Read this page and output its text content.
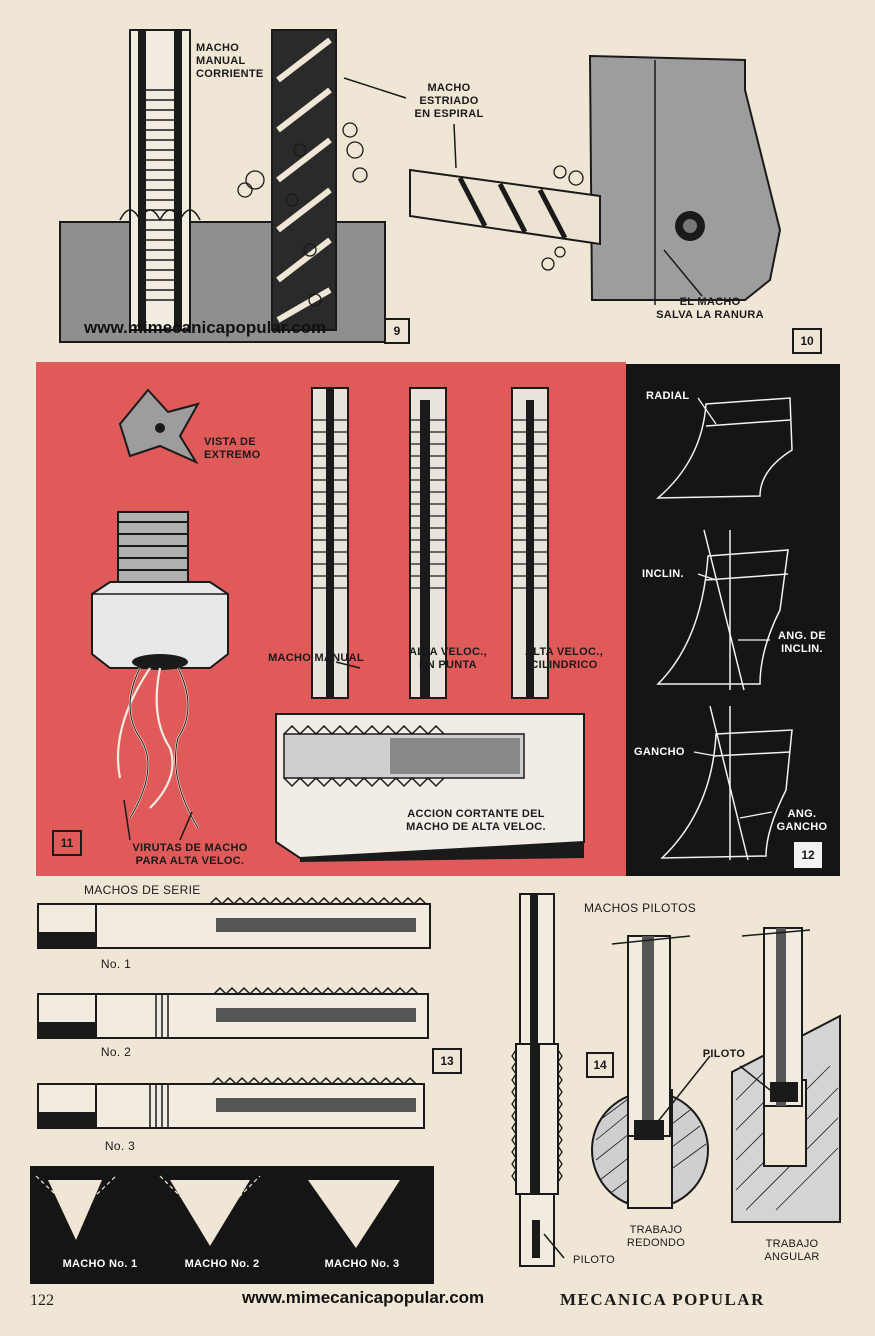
MACHO
MANUAL
CORRIENTE
MACHO
ESTRIADO
EN ESPIRAL
www.mimecanicapopular.com	9
EL MACHO
SALVA LA RANURA
10
VISTA DE
EXTREMO
MACHO MANUAL	ALTA VELOC.,
EN PUNTA
ALTA VELOC.,
CILINDRICO
ACCION CORTANTE DEL
MACHO DE ALTA VELOC.
VIRUTAS DE MACHO
PARA ALTA VELOC.
11
RADIAL
INCLIN.
ANG. DE
INCLIN.
GANCHO
ANG.
GANCHO
12
MACHOS DE SERIE
No. 1
No. 2
No. 3
13
MACHO No. 1	MACHO No. 2	MACHO No. 3
MACHOS PILOTOS
14
PILOTO
PILOTO
TRABAJO
REDONDO	TRABAJO
ANGULAR
122	www.mimecanicapopular.com	MECANICA POPULAR
